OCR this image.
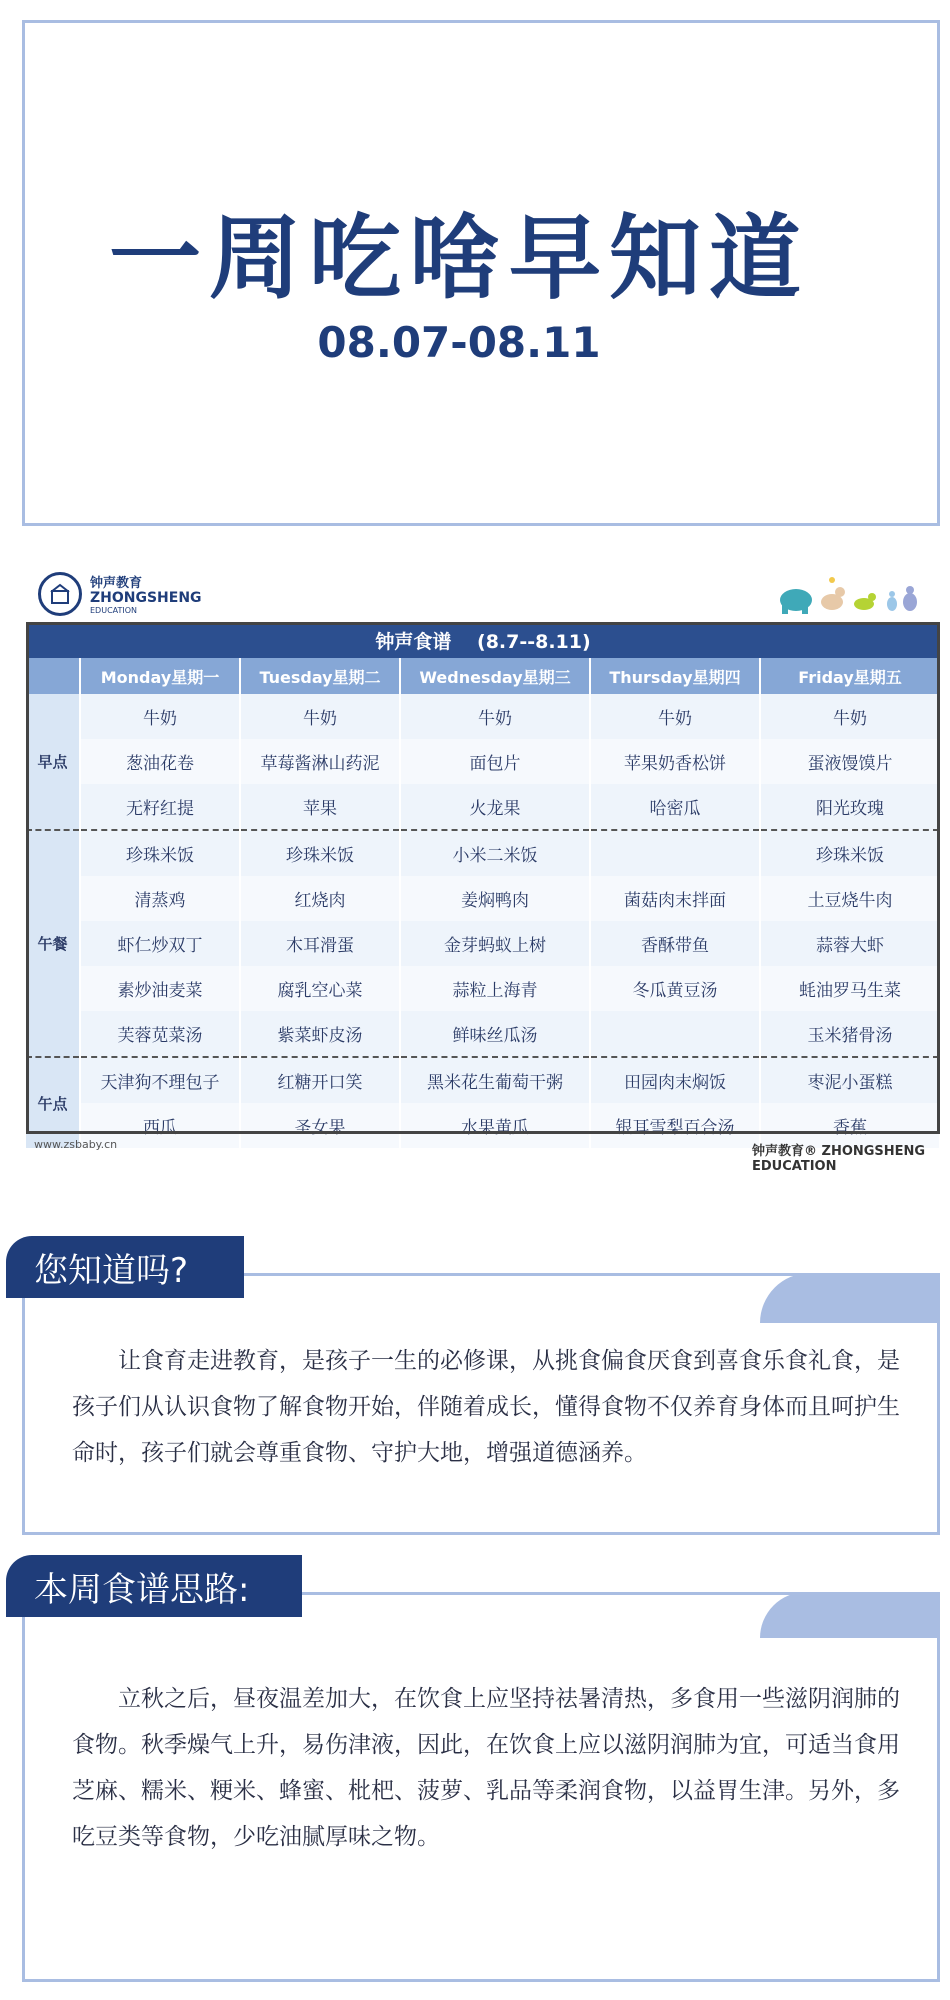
一周吃啥早知道
08.07-08.11
钟声教育
ZHONGSHENG
EDUCATION
钟声食谱　 (8.7--8.11)					
	Monday星期一	Tuesday星期二	Wednesday星期三	Thursday星期四	Friday星期五
早点	牛奶	牛奶	牛奶	牛奶	牛奶
	葱油花卷	草莓酱淋山药泥	面包片	苹果奶香松饼	蛋液馒馍片
	无籽红提	苹果	火龙果	哈密瓜	阳光玫瑰
午餐	珍珠米饭	珍珠米饭	小米二米饭		珍珠米饭
	清蒸鸡	红烧肉	姜焖鸭肉	菌菇肉末拌面	土豆烧牛肉
	虾仁炒双丁	木耳滑蛋	金芽蚂蚁上树	香酥带鱼	蒜蓉大虾
	素炒油麦菜	腐乳空心菜	蒜粒上海青	冬瓜黄豆汤	蚝油罗马生菜
	芙蓉苋菜汤	紫菜虾皮汤	鲜味丝瓜汤		玉米猪骨汤
午点	天津狗不理包子	红糖开口笑	黑米花生葡萄干粥	田园肉末焖饭	枣泥小蛋糕
	西瓜	圣女果	水果黄瓜	银耳雪梨百合汤	香蕉
www.zsbaby.cn	钟声教育® ZHONGSHENG EDUCATION
您知道吗?
让食育走进教育，是孩子一生的必修课，从挑食偏食厌食到喜食乐食礼食，是孩子们从认识食物了解食物开始，伴随着成长，懂得食物不仅养育身体而且呵护生命时，孩子们就会尊重食物、守护大地，增强道德涵养。
本周食谱思路:
立秋之后，昼夜温差加大，在饮食上应坚持祛暑清热，多食用一些滋阴润肺的食物。秋季燥气上升，易伤津液，因此，在饮食上应以滋阴润肺为宜，可适当食用芝麻、糯米、粳米、蜂蜜、枇杷、菠萝、乳品等柔润食物，以益胃生津。另外，多吃豆类等食物，少吃油腻厚味之物。
